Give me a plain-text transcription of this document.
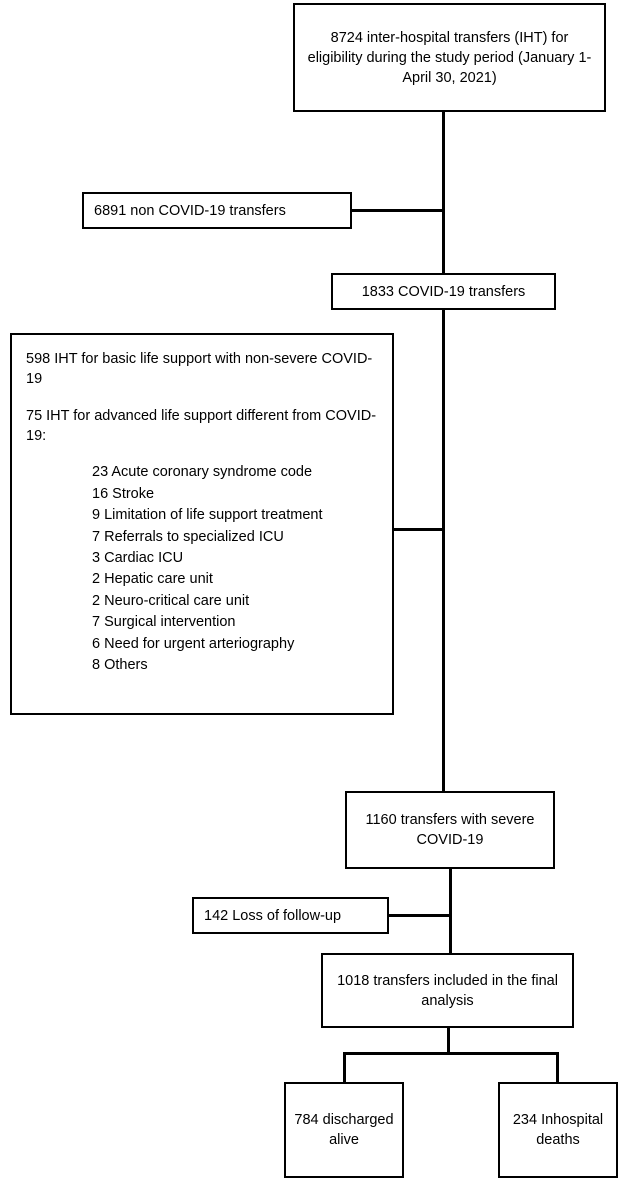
8724 inter-hospital transfers (IHT) for eligibility during the study period (January 1-April 30, 2021)
6891 non COVID-19 transfers
1833 COVID-19 transfers

598 IHT for basic life support with non-severe COVID-19

75 IHT for advanced life support different from COVID-19:

23 Acute coronary syndrome code
16 Stroke
9 Limitation of life support treatment
7 Referrals to specialized ICU
3 Cardiac ICU
2 Hepatic care unit
2 Neuro-critical care unit
7 Surgical intervention
6 Need for urgent arteriography
8 Others
1160 transfers with severe COVID-19
142 Loss of follow-up
1018 transfers included in the final analysis
784 discharged alive
234 Inhospital deaths
